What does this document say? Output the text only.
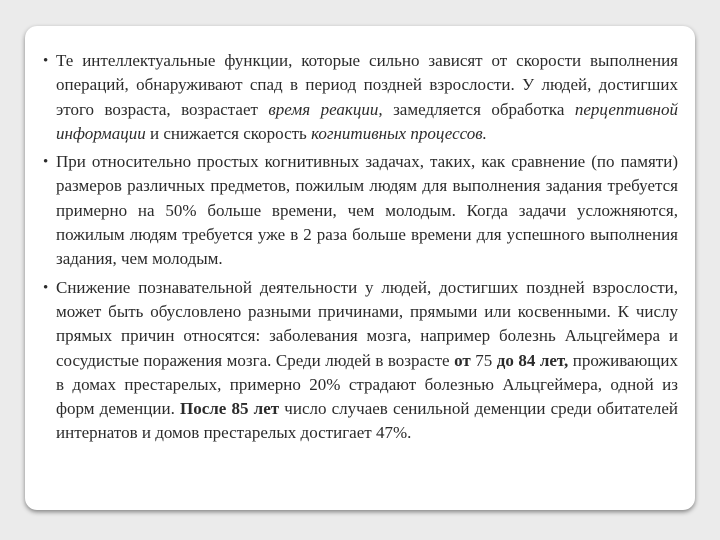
• Те интеллектуальные функции, которые сильно зависят от скорости выполнения операций, обнаруживают спад в период поздней взрослости. У людей, достигших этого возраста, возрастает время реакции, замедляется обработка перцептивной информации и снижается скорость когнитивных процессов.
• При относительно простых когнитивных задачах, таких, как сравнение (по памяти) размеров различных предметов, пожилым людям для выполнения задания требуется примерно на 50% больше времени, чем молодым. Когда задачи усложняются, пожилым людям требуется уже в 2 раза больше времени для успешного выполнения задания, чем молодым.
• Снижение познавательной деятельности у людей, достигших поздней взрослости, может быть обусловлено разными причинами, прямыми или косвенными. К числу прямых причин относятся: заболевания мозга, например болезнь Альцгеймера и сосудистые поражения мозга. Среди людей в возрасте от 75 до 84 лет, проживающих в домах престарелых, примерно 20% страдают болезнью Альцгеймера, одной из форм деменции. После 85 лет число случаев сенильной деменции среди обитателей интернатов и домов престарелых достигает 47%.
